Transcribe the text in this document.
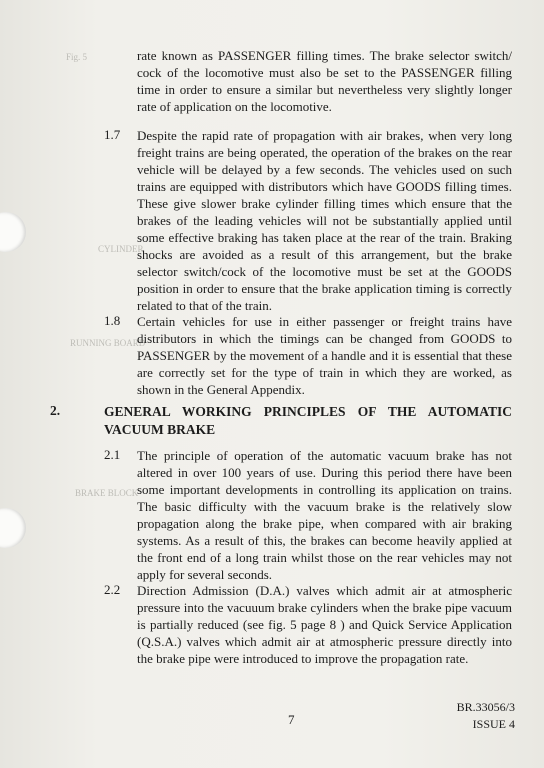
Fig. 5
CYLINDER
RUNNING BOARD
BRAKE BLOCK

rate known as PASSENGER filling times. The brake selector switch/ cock of the locomotive must also be set to the PASSENGER filling time in order to ensure a similar but nevertheless very slightly longer rate of application on the locomotive.

1.7 Despite the rapid rate of propagation with air brakes, when very long freight trains are being operated, the operation of the brakes on the rear vehicle will be delayed by a few seconds. The vehicles used on such trains are equipped with distributors which have GOODS filling times. These give slower brake cylinder filling times which ensure that the brakes of the leading vehicles will not be substantially applied until some effective braking has taken place at the rear of the train. Braking shocks are avoided as a result of this arrangement, but the brake selector switch/cock of the locomotive must be set at the GOODS position in order to ensure that the brake application timing is correctly related to that of the train.

1.8 Certain vehicles for use in either passenger or freight trains have distributors in which the timings can be changed from GOODS to PASSENGER by the movement of a handle and it is essential that these are correctly set for the type of train in which they are worked, as shown in the General Appendix.

2.	GENERAL WORKING PRINCIPLES OF THE AUTOMATIC VACUUM BRAKE

2.1 The principle of operation of the automatic vacuum brake has not altered in over 100 years of use. During this period there have been some important developments in controlling its application on trains. The basic difficulty with the vacuum brake is the relatively slow propagation along the brake pipe, when compared with air braking systems. As a result of this, the brakes can become heavily applied at the front end of a long train whilst those on the rear vehicles may not apply for several seconds.

2.2 Direction Admission (D.A.) valves which admit air at atmospheric pressure into the vacuuum brake cylinders when the brake pipe vacuum is partially reduced (see fig. 5 page 8 ) and Quick Service Application (Q.S.A.) valves which admit air at atmospheric pressure directly into the brake pipe were introduced to improve the propagation rate.

7
BR.33056/3
ISSUE 4
